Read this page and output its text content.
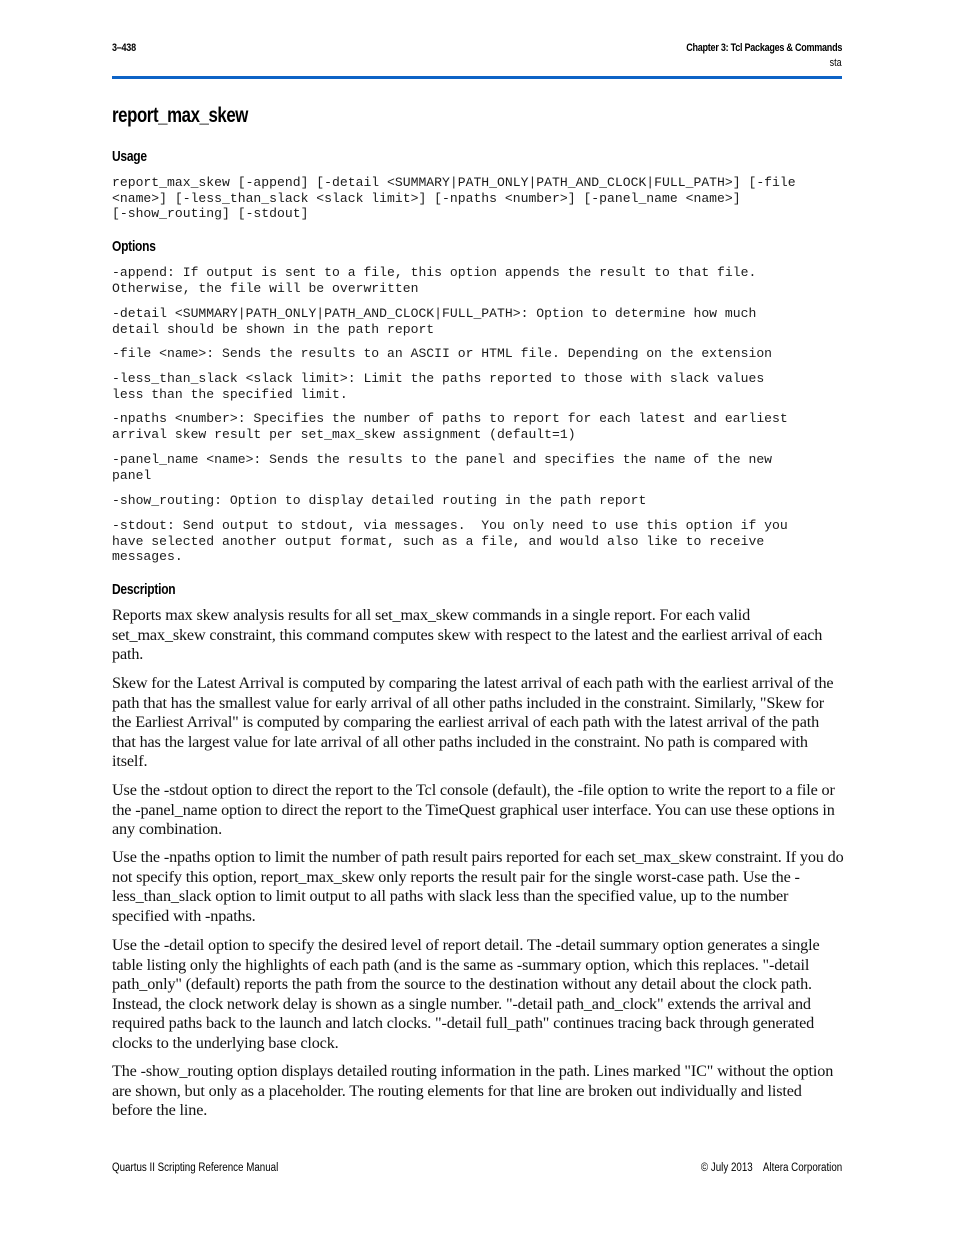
3–438	Chapter 3: Tcl Packages & Commands
sta
report_max_skew
Usage
report_max_skew [-append] [-detail <SUMMARY|PATH_ONLY|PATH_AND_CLOCK|FULL_PATH>] [-file
<name>] [-less_than_slack <slack limit>] [-npaths <number>] [-panel_name <name>]
[-show_routing] [-stdout]
Options
-append: If output is sent to a file, this option appends the result to that file.
Otherwise, the file will be overwritten
-detail <SUMMARY|PATH_ONLY|PATH_AND_CLOCK|FULL_PATH>: Option to determine how much
detail should be shown in the path report
-file <name>: Sends the results to an ASCII or HTML file. Depending on the extension
-less_than_slack <slack limit>: Limit the paths reported to those with slack values
less than the specified limit.
-npaths <number>: Specifies the number of paths to report for each latest and earliest
arrival skew result per set_max_skew assignment (default=1)
-panel_name <name>: Sends the results to the panel and specifies the name of the new
panel
-show_routing: Option to display detailed routing in the path report
-stdout: Send output to stdout, via messages.  You only need to use this option if you
have selected another output format, such as a file, and would also like to receive
messages.
Description

Reports max skew analysis results for all set_max_skew commands in a single report. For each valid set_max_skew constraint, this command computes skew with respect to the latest and the earliest arrival of each path.

Skew for the Latest Arrival is computed by comparing the latest arrival of each path with the earliest arrival of the path that has the smallest value for early arrival of all other paths included in the constraint. Similarly, "Skew for the Earliest Arrival" is computed by comparing the earliest arrival of each path with the latest arrival of the path that has the largest value for late arrival of all other paths included in the constraint. No path is compared with itself.

Use the -stdout option to direct the report to the Tcl console (default), the -file option to write the report to a file or the -panel_name option to direct the report to the TimeQuest graphical user interface. You can use these options in any combination.

Use the -npaths option to limit the number of path result pairs reported for each set_max_skew constraint. If you do not specify this option, report_max_skew only reports the result pair for the single worst-case path. Use the -less_than_slack option to limit output to all paths with slack less than the specified value, up to the number specified with -npaths.

Use the -detail option to specify the desired level of report detail. The -detail summary option generates a single table listing only the highlights of each path (and is the same as -summary option, which this replaces. "-detail path_only" (default) reports the path from the source to the destination without any detail about the clock path. Instead, the clock network delay is shown as a single number. "-detail path_and_clock" extends the arrival and required paths back to the launch and latch clocks. "-detail full_path" continues tracing back through generated clocks to the underlying base clock.

The -show_routing option displays detailed routing information in the path. Lines marked "IC" without the option are shown, but only as a placeholder. The routing elements for that line are broken out individually and listed before the line.

Quartus II Scripting Reference Manual	© July 2013 Altera Corporation
